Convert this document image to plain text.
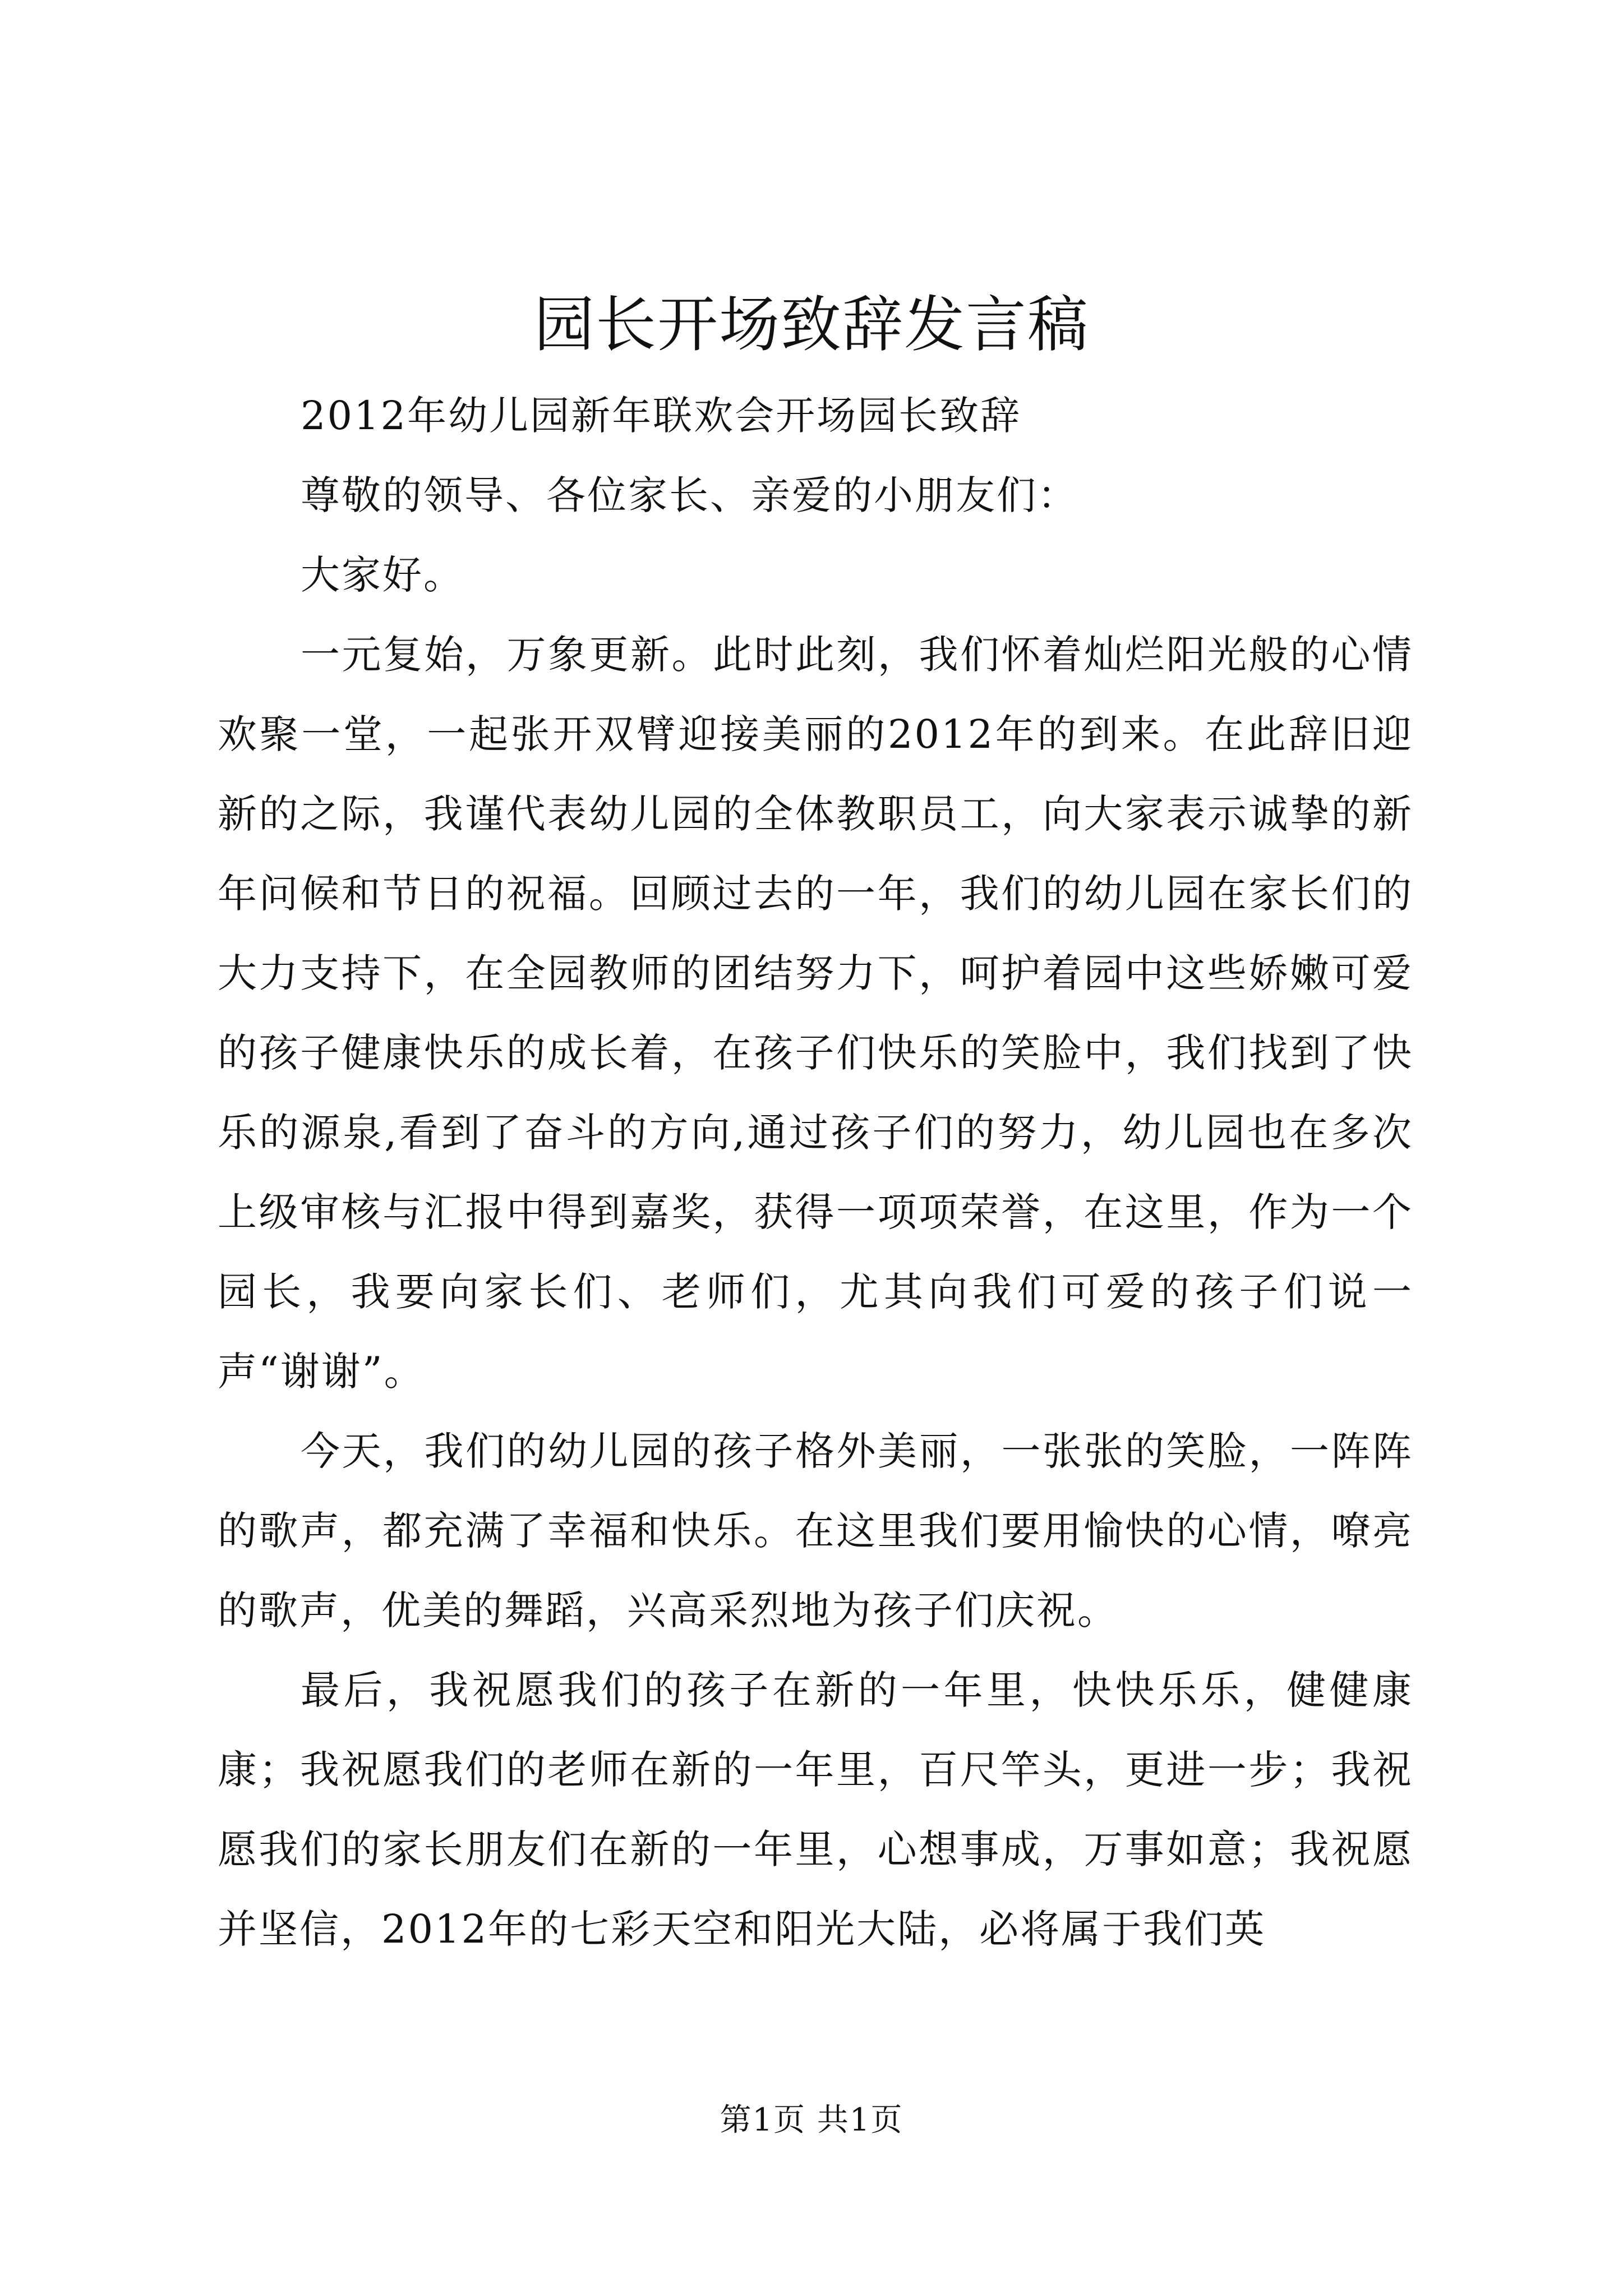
园长开场致辞发言稿

2012年幼儿园新年联欢会开场园长致辞

尊敬的领导、各位家长、亲爱的小朋友们：

大家好。

一元复始，万象更新。此时此刻，我们怀着灿烂阳光般的心情欢聚一堂，一起张开双臂迎接美丽的2012年的到来。在此辞旧迎新的之际，我谨代表幼儿园的全体教职员工，向大家表示诚挚的新年问候和节日的祝福。回顾过去的一年，我们的幼儿园在家长们的大力支持下，在全园教师的团结努力下，呵护着园中这些娇嫩可爱的孩子健康快乐的成长着，在孩子们快乐的笑脸中，我们找到了快乐的源泉,看到了奋斗的方向,通过孩子们的努力，幼儿园也在多次上级审核与汇报中得到嘉奖，获得一项项荣誉，在这里，作为一个园长，我要向家长们、老师们，尤其向我们可爱的孩子们说一声“谢谢”。

今天，我们的幼儿园的孩子格外美丽，一张张的笑脸，一阵阵的歌声，都充满了幸福和快乐。在这里我们要用愉快的心情，嘹亮的歌声，优美的舞蹈，兴高采烈地为孩子们庆祝。

最后，我祝愿我们的孩子在新的一年里，快快乐乐，健健康康；我祝愿我们的老师在新的一年里，百尺竿头，更进一步；我祝愿我们的家长朋友们在新的一年里，心想事成，万事如意；我祝愿并坚信，2012年的七彩天空和阳光大陆，必将属于我们英

第1页 共1页
